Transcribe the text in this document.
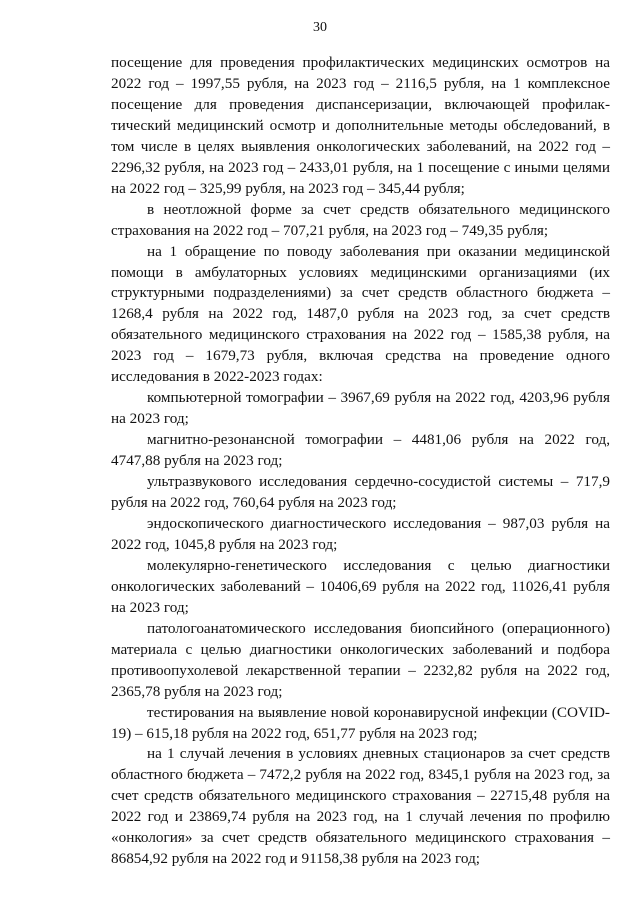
30

посещение для проведения профилактических медицинских осмотров на 2022 год – 1997,55 рубля, на 2023 год – 2116,5 рубля, на 1 комплексное посещение для проведения диспансеризации, включающей профилактический медицинский осмотр и дополнительные методы обследований, в том числе в целях выявления онкологических заболеваний, на 2022 год – 2296,32 рубля, на 2023 год – 2433,01 рубля, на 1 посещение с иными целями на 2022 год – 325,99 рубля, на 2023 год – 345,44 рубля;

в неотложной форме за счет средств обязательного медицинского страхования на 2022 год – 707,21 рубля, на 2023 год – 749,35 рубля;

на 1 обращение по поводу заболевания при оказании медицинской помощи в амбулаторных условиях медицинскими организациями (их структурными подразделениями) за счет средств областного бюджета – 1268,4 рубля на 2022 год, 1487,0 рубля на 2023 год, за счет средств обязательного медицинского страхования на 2022 год – 1585,38 рубля, на 2023 год – 1679,73 рубля, включая средства на проведение одного исследования в 2022-2023 годах:

компьютерной томографии – 3967,69 рубля на 2022 год, 4203,96 рубля на 2023 год;

магнитно-резонансной томографии – 4481,06 рубля на 2022 год, 4747,88 рубля на 2023 год;

ультразвукового исследования сердечно-сосудистой системы – 717,9 рубля на 2022 год, 760,64 рубля на 2023 год;

эндоскопического диагностического исследования – 987,03 рубля на 2022 год, 1045,8 рубля на 2023 год;

молекулярно-генетического исследования с целью диагностики онкологических заболеваний – 10406,69 рубля на 2022 год, 11026,41 рубля на 2023 год;

патологоанатомического исследования биопсийного (операционного) материала с целью диагностики онкологических заболеваний и подбора противоопухолевой лекарственной терапии – 2232,82 рубля на 2022 год, 2365,78 рубля на 2023 год;

тестирования на выявление новой коронавирусной инфекции (COVID-19) – 615,18 рубля на 2022 год, 651,77 рубля на 2023 год;

на 1 случай лечения в условиях дневных стационаров за счет средств областного бюджета – 7472,2 рубля на 2022 год, 8345,1 рубля на 2023 год, за счет средств обязательного медицинского страхования – 22715,48 рубля на 2022 год и 23869,74 рубля на 2023 год, на 1 случай лечения по профилю «онкология» за счет средств обязательного медицинского страхования – 86854,92 рубля на 2022 год и 91158,38 рубля на 2023 год;
